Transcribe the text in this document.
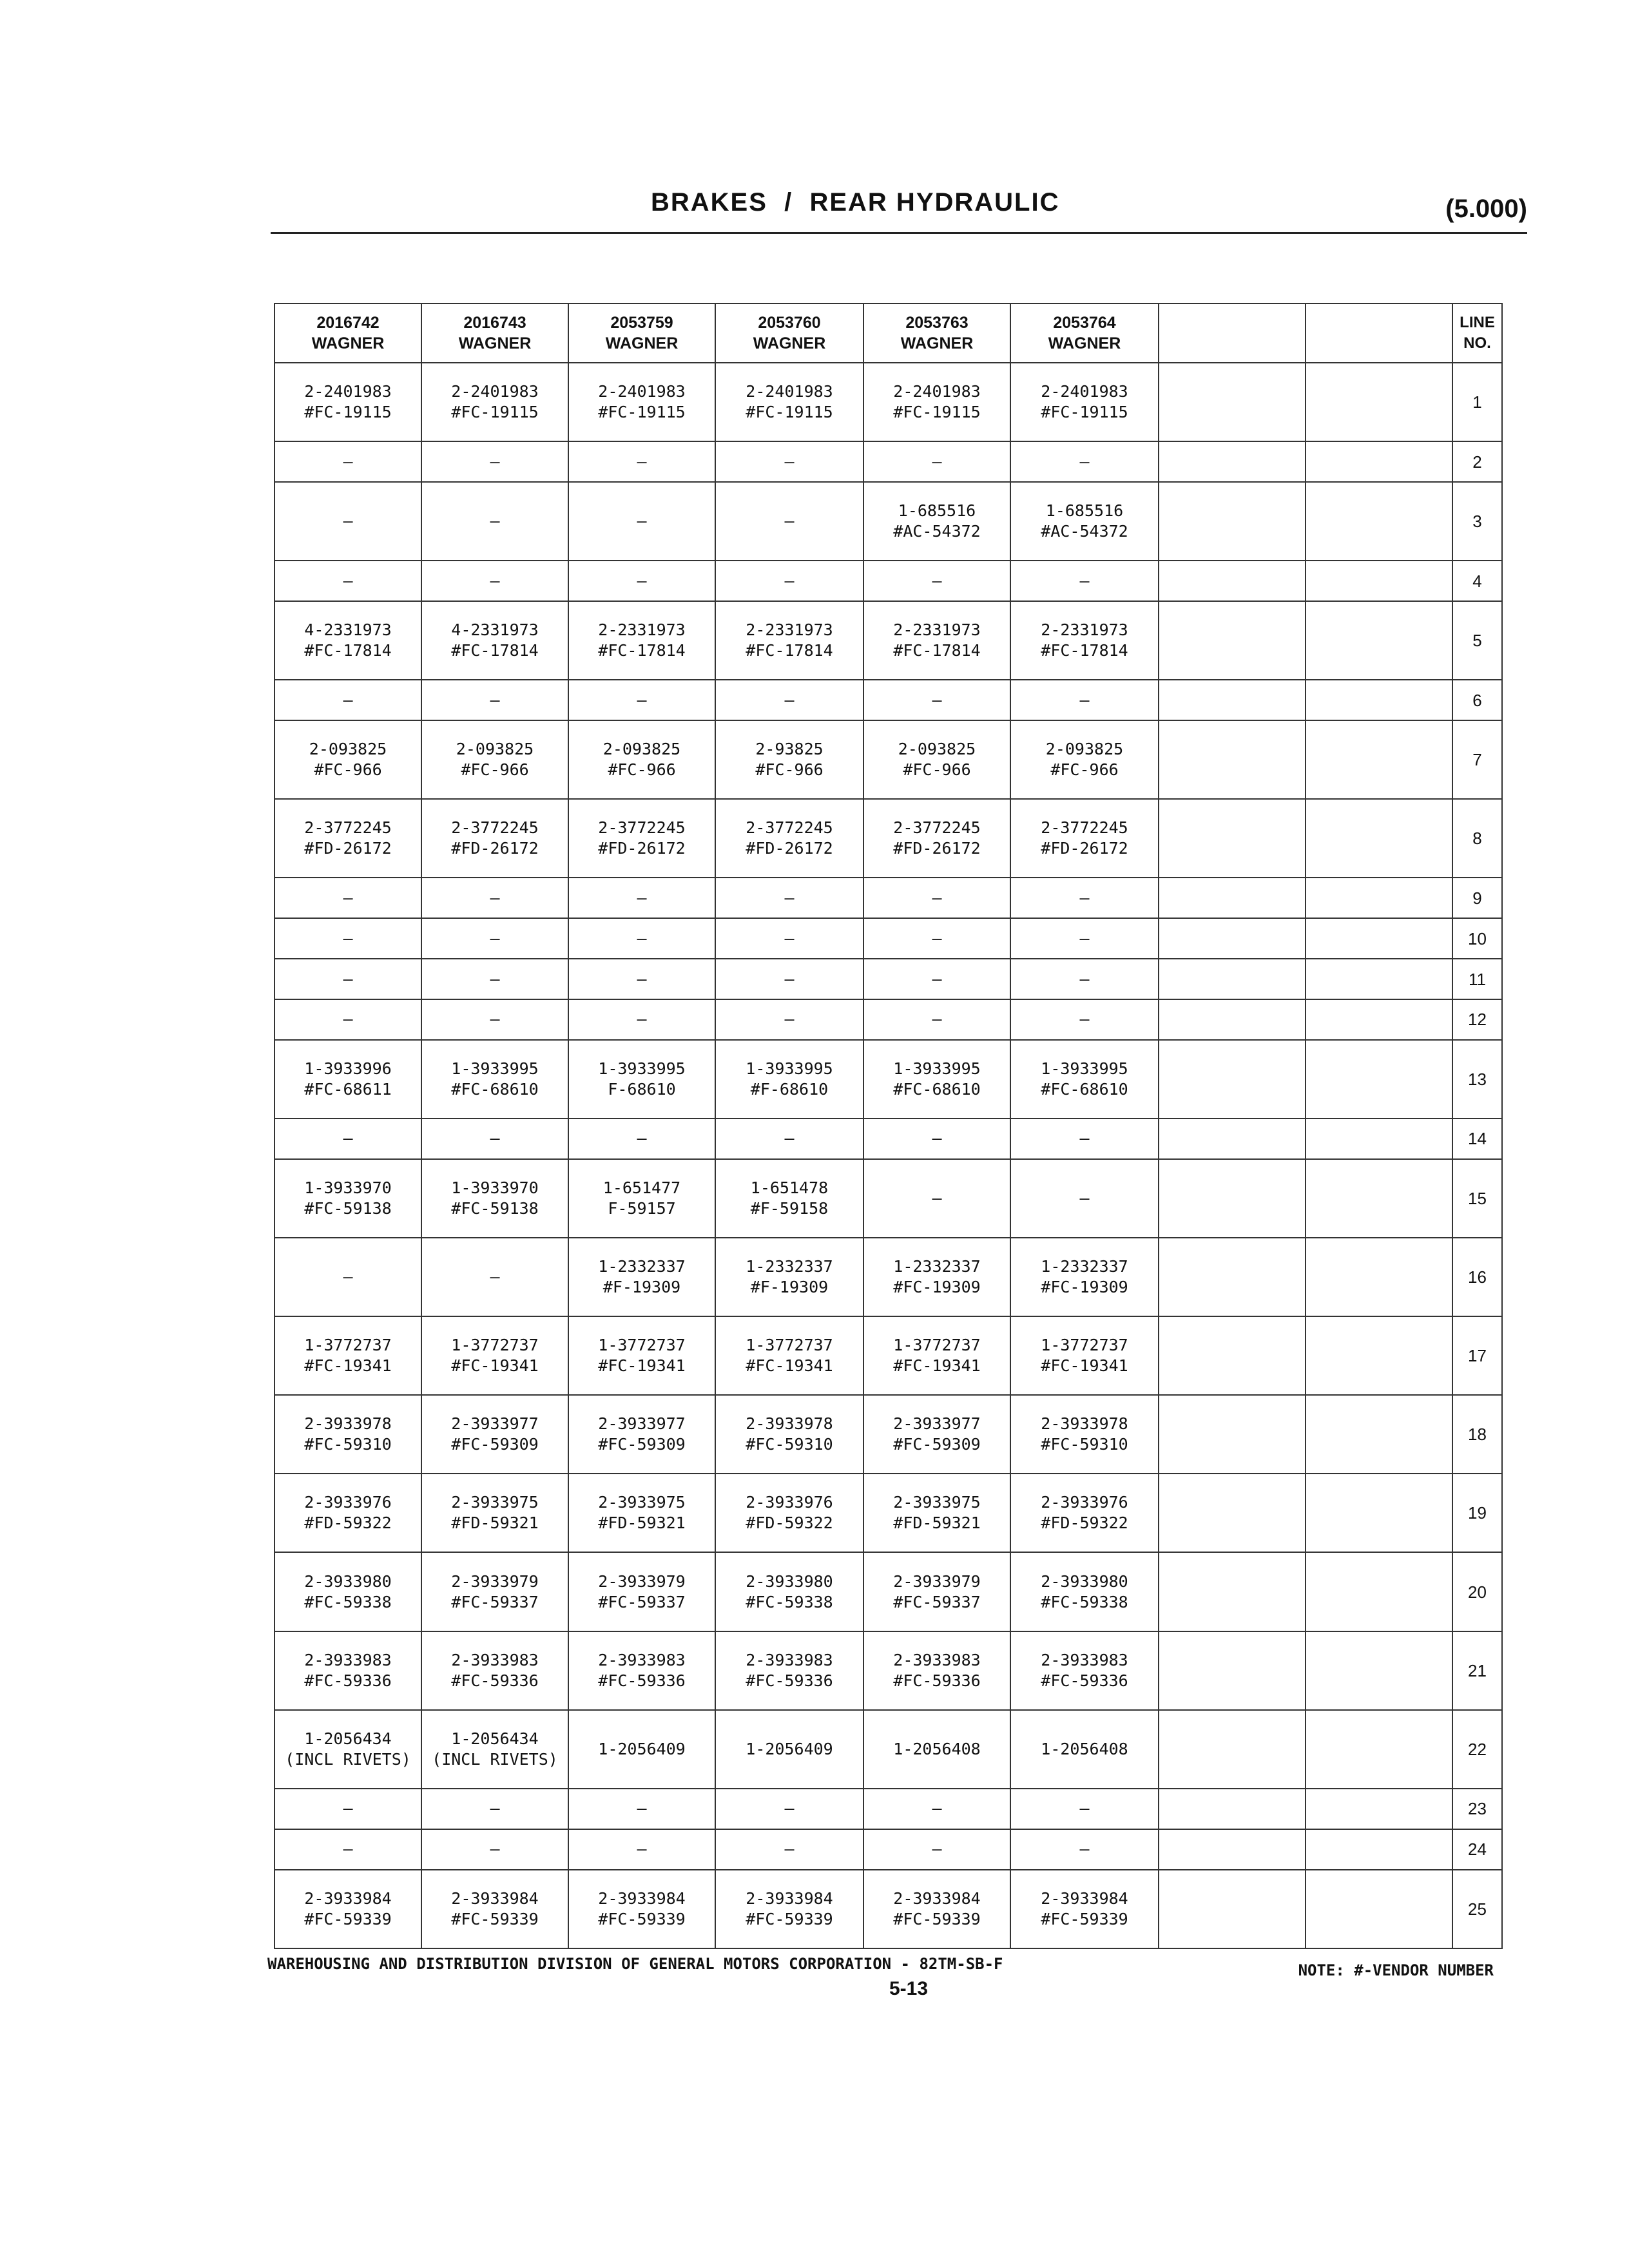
BRAKES  /  REAR HYDRAULIC	(5.000)
2016742
WAGNER	2016743
WAGNER	2053759
WAGNER	2053760
WAGNER	2053763
WAGNER	2053764
WAGNER			LINE
NO.
2-2401983
#FC-19115	2-2401983
#FC-19115	2-2401983
#FC-19115	2-2401983
#FC-19115	2-2401983
#FC-19115	2-2401983
#FC-19115			1
—	—	—	—	—	—			2
—	—	—	—	1-685516
#AC-54372	1-685516
#AC-54372			3
—	—	—	—	—	—			4
4-2331973
#FC-17814	4-2331973
#FC-17814	2-2331973
#FC-17814	2-2331973
#FC-17814	2-2331973
#FC-17814	2-2331973
#FC-17814			5
—	—	—	—	—	—			6
2-093825
#FC-966	2-093825
#FC-966	2-093825
#FC-966	2-93825
#FC-966	2-093825
#FC-966	2-093825
#FC-966			7
2-3772245
#FD-26172	2-3772245
#FD-26172	2-3772245
#FD-26172	2-3772245
#FD-26172	2-3772245
#FD-26172	2-3772245
#FD-26172			8
—	—	—	—	—	—			9
—	—	—	—	—	—			10
—	—	—	—	—	—			11
—	—	—	—	—	—			12
1-3933996
#FC-68611	1-3933995
#FC-68610	1-3933995
F-68610	1-3933995
#F-68610	1-3933995
#FC-68610	1-3933995
#FC-68610			13
—	—	—	—	—	—			14
1-3933970
#FC-59138	1-3933970
#FC-59138	1-651477
F-59157	1-651478
#F-59158	—	—			15
—	—	1-2332337
#F-19309	1-2332337
#F-19309	1-2332337
#FC-19309	1-2332337
#FC-19309			16
1-3772737
#FC-19341	1-3772737
#FC-19341	1-3772737
#FC-19341	1-3772737
#FC-19341	1-3772737
#FC-19341	1-3772737
#FC-19341			17
2-3933978
#FC-59310	2-3933977
#FC-59309	2-3933977
#FC-59309	2-3933978
#FC-59310	2-3933977
#FC-59309	2-3933978
#FC-59310			18
2-3933976
#FD-59322	2-3933975
#FD-59321	2-3933975
#FD-59321	2-3933976
#FD-59322	2-3933975
#FD-59321	2-3933976
#FD-59322			19
2-3933980
#FC-59338	2-3933979
#FC-59337	2-3933979
#FC-59337	2-3933980
#FC-59338	2-3933979
#FC-59337	2-3933980
#FC-59338			20
2-3933983
#FC-59336	2-3933983
#FC-59336	2-3933983
#FC-59336	2-3933983
#FC-59336	2-3933983
#FC-59336	2-3933983
#FC-59336			21
1-2056434
(INCL RIVETS)	1-2056434
(INCL RIVETS)	1-2056409	1-2056409	1-2056408	1-2056408			22
—	—	—	—	—	—			23
—	—	—	—	—	—			24
2-3933984
#FC-59339	2-3933984
#FC-59339	2-3933984
#FC-59339	2-3933984
#FC-59339	2-3933984
#FC-59339	2-3933984
#FC-59339			25
WAREHOUSING AND DISTRIBUTION DIVISION OF GENERAL MOTORS CORPORATION - 82TM-SB-F
5-13
NOTE: #-VENDOR NUMBER
